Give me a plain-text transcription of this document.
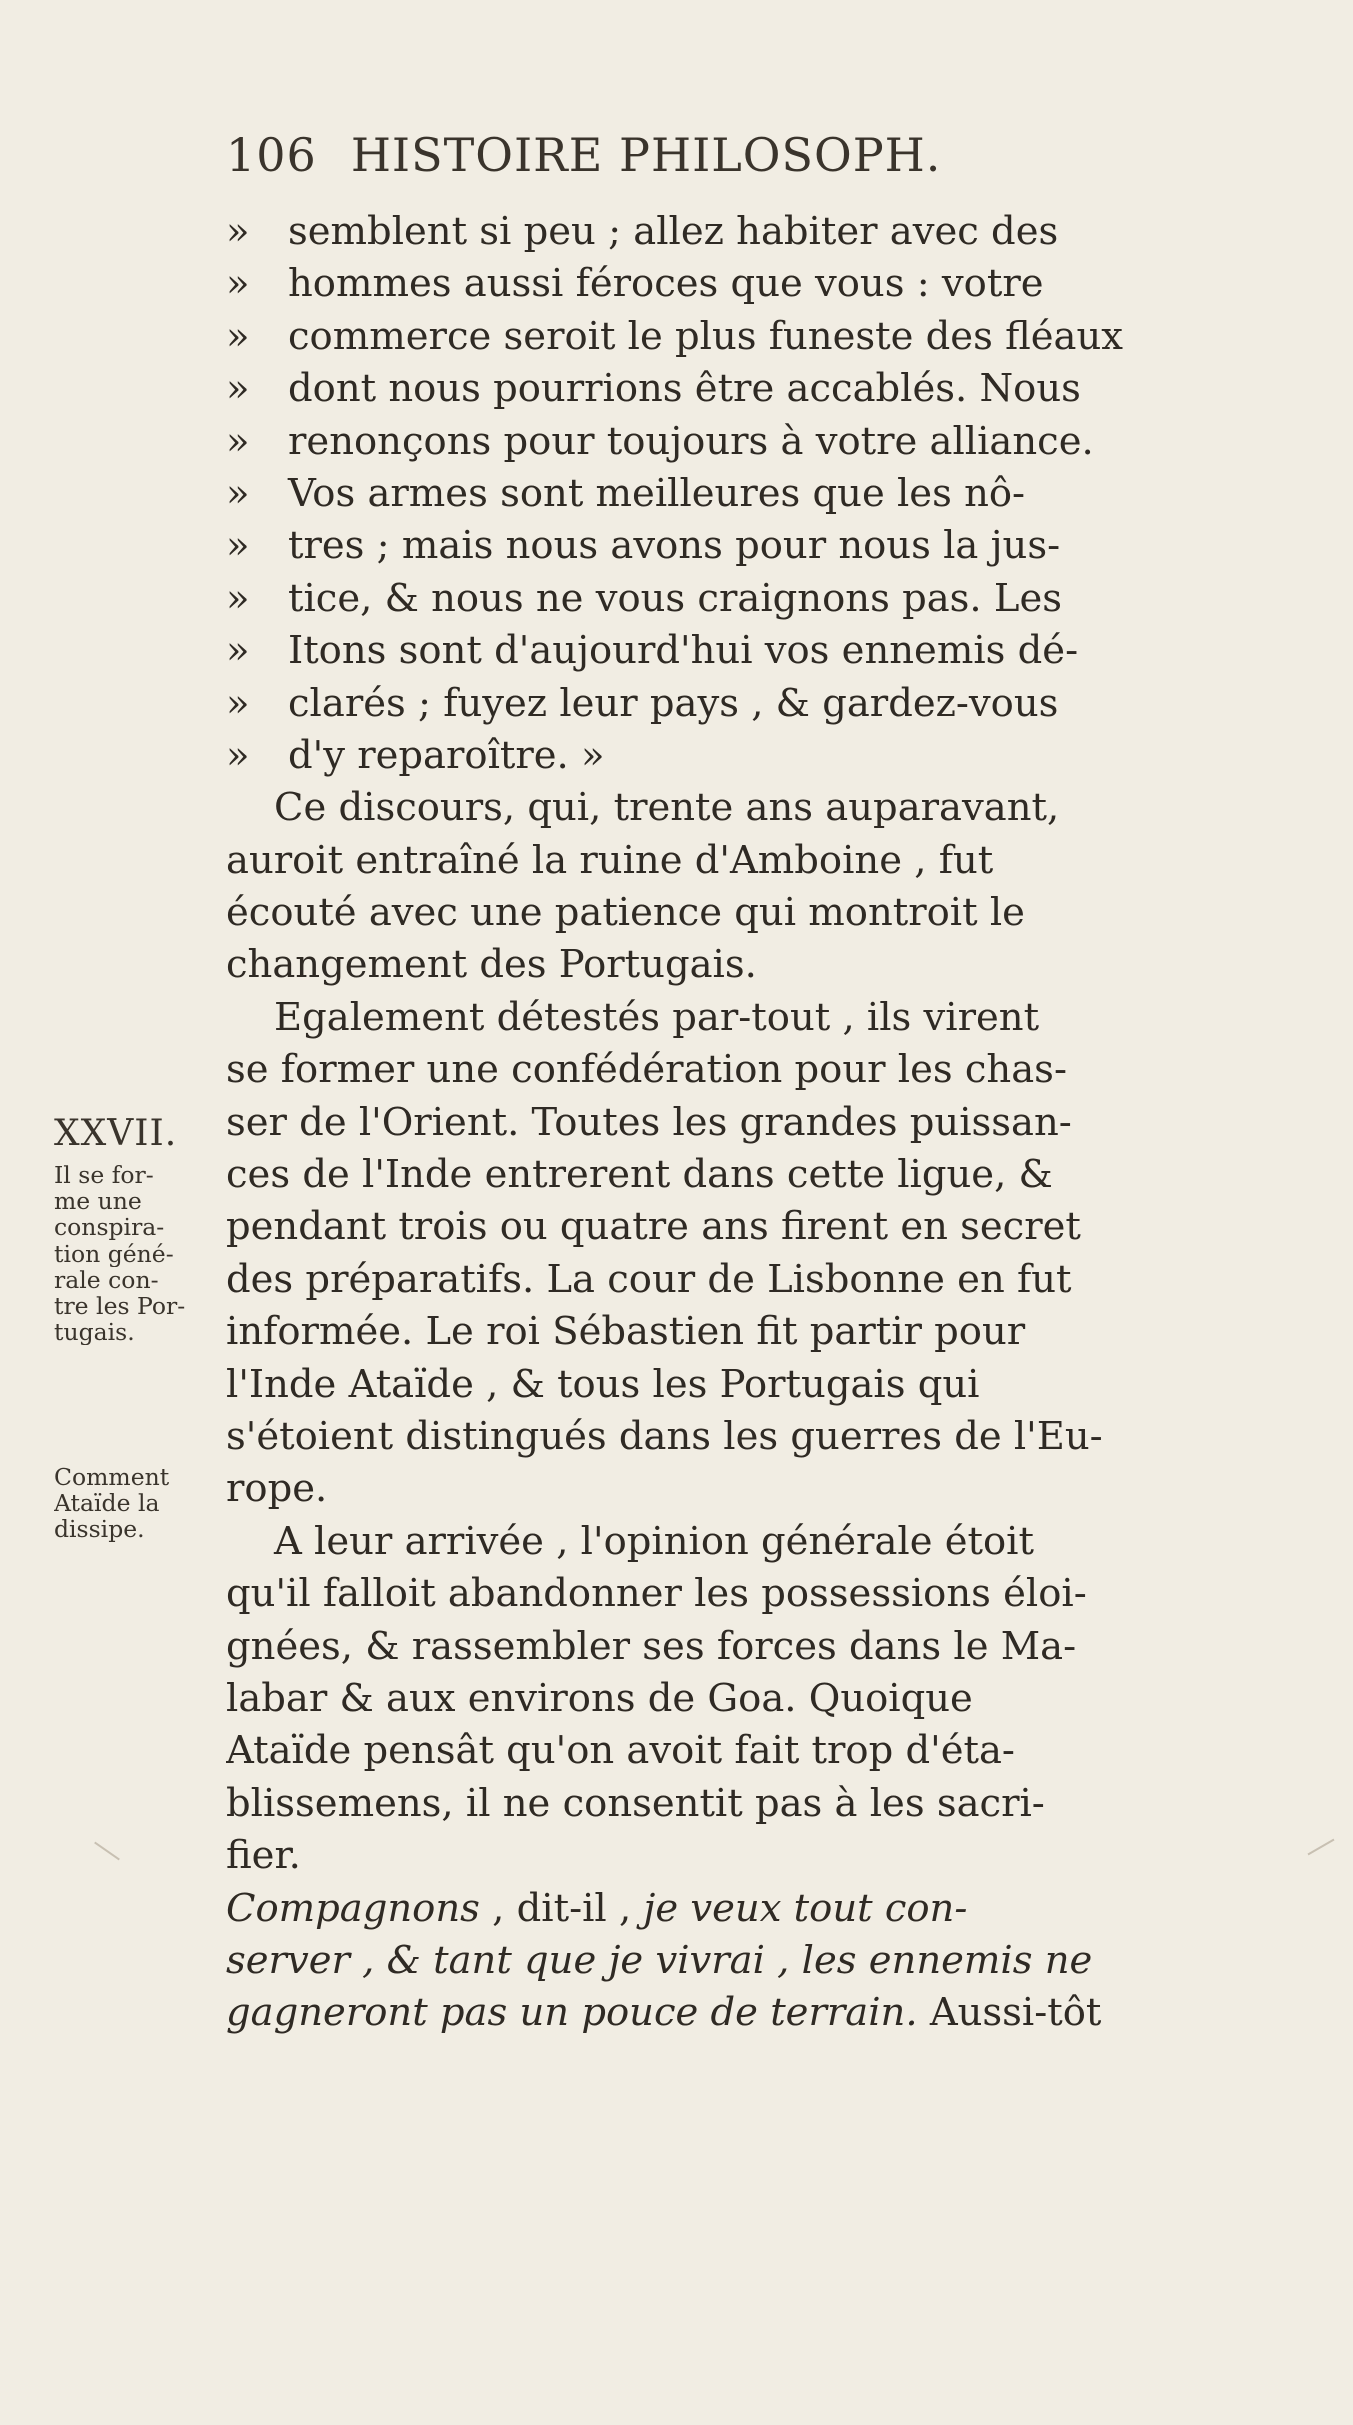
106 HISTOIRE PHILOSOPH.
» semblent si peu ; allez habiter avec des
» hommes aussi féroces que vous : votre
» commerce seroit le plus funeste des fléaux
» dont nous pourrions être accablés. Nous
» renonçons pour toujours à votre alliance.
» Vos armes sont meilleures que les nô-
» tres ; mais nous avons pour nous la jus-
» tice, & nous ne vous craignons pas. Les
» Itons sont d'aujourd'hui vos ennemis dé-
» clarés ; fuyez leur pays , & gardez-vous
» d'y reparoître. »
Ce discours, qui, trente ans auparavant,
auroit entraîné la ruine d'Amboine , fut
écouté avec une patience qui montroit le
changement des Portugais.
Egalement détestés par-tout , ils virent
se former une confédération pour les chas-
ser de l'Orient. Toutes les grandes puissan-
ces de l'Inde entrerent dans cette ligue, &
pendant trois ou quatre ans firent en secret
des préparatifs. La cour de Lisbonne en fut
informée. Le roi Sébastien fit partir pour
l'Inde Ataïde , & tous les Portugais qui
s'étoient distingués dans les guerres de l'Eu-
rope.
A leur arrivée , l'opinion générale étoit
qu'il falloit abandonner les possessions éloi-
gnées, & rassembler ses forces dans le Ma-
labar & aux environs de Goa. Quoique
Ataïde pensât qu'on avoit fait trop d'éta-
blissemens, il ne consentit pas à les sacri-
fier.
Compagnons , dit-il , je veux tout con-
server , & tant que je vivrai , les ennemis ne
gagneront pas un pouce de terrain. Aussi-tôt
XXVII.
Il se for-
me une
conspira-
tion géné-
rale con-
tre les Por-
tugais.
Comment
Ataïde la
dissipe.
